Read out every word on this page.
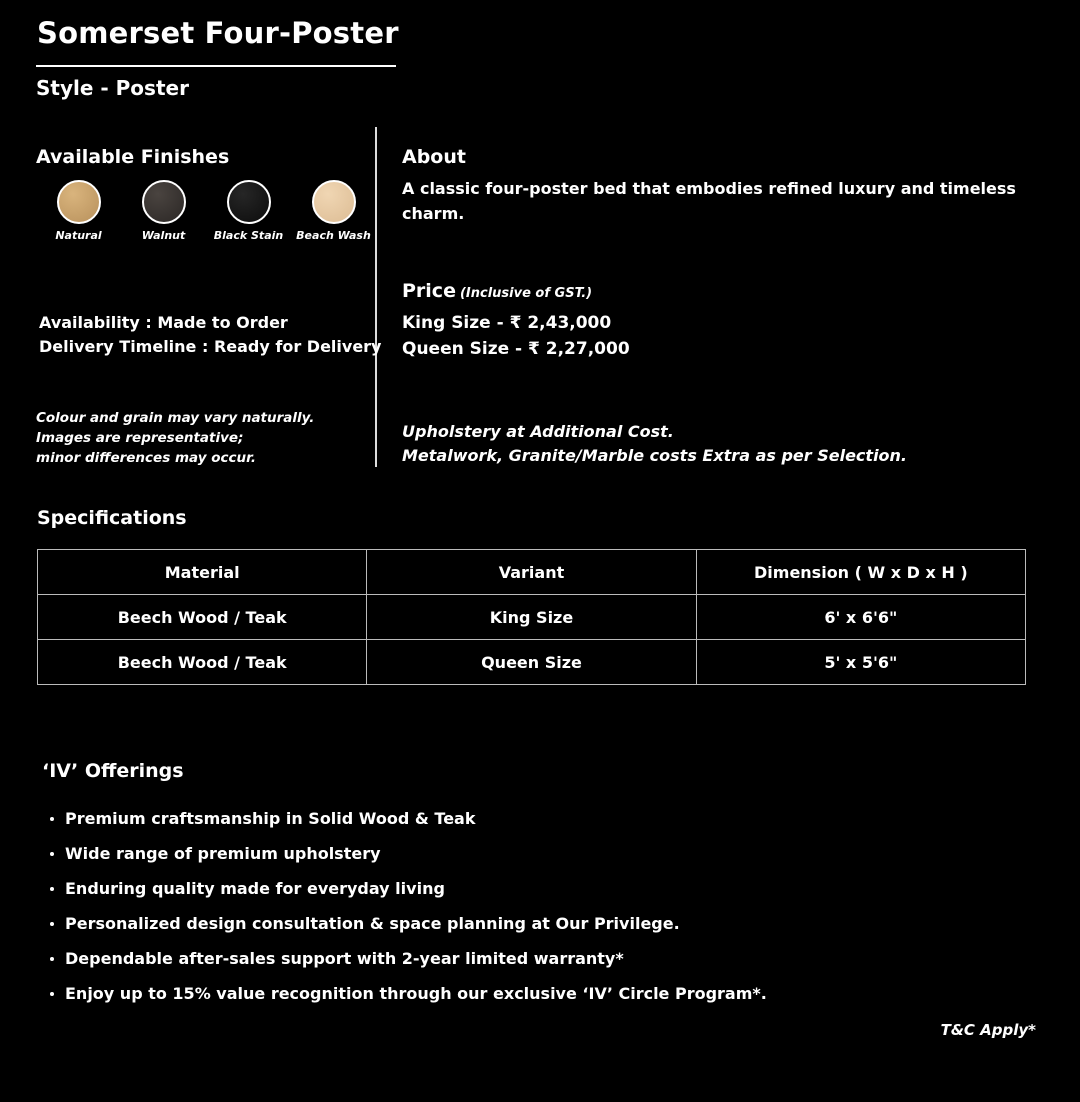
Somerset Four-Poster
Style - Poster
Available Finishes
Natural	Walnut	Black Stain Beach Wash
Availability : Made to Order
Delivery Timeline : Ready for Delivery
Colour and grain may vary naturally.
Images are representative;
minor differences may occur.
About
A classic four-poster bed that embodies refined luxury and timeless charm.
Price (Inclusive of GST.)
King Size - ₹ 2,43,000
Queen Size - ₹ 2,27,000
Upholstery at Additional Cost.
Metalwork, Granite/Marble costs Extra as per Selection.
Specifications
Material	Variant	Dimension ( W x D x H )
Beech Wood / Teak	King Size	6' x 6'6"
Beech Wood / Teak	Queen Size	5' x 5'6"
‘IV’ Offerings
Premium craftsmanship in Solid Wood & Teak
Wide range of premium upholstery
Enduring quality made for everyday living
Personalized design consultation & space planning at Our Privilege.
Dependable after-sales support with 2-year limited warranty*
Enjoy up to 15% value recognition through our exclusive ‘IV’ Circle Program*.
T&C Apply*
